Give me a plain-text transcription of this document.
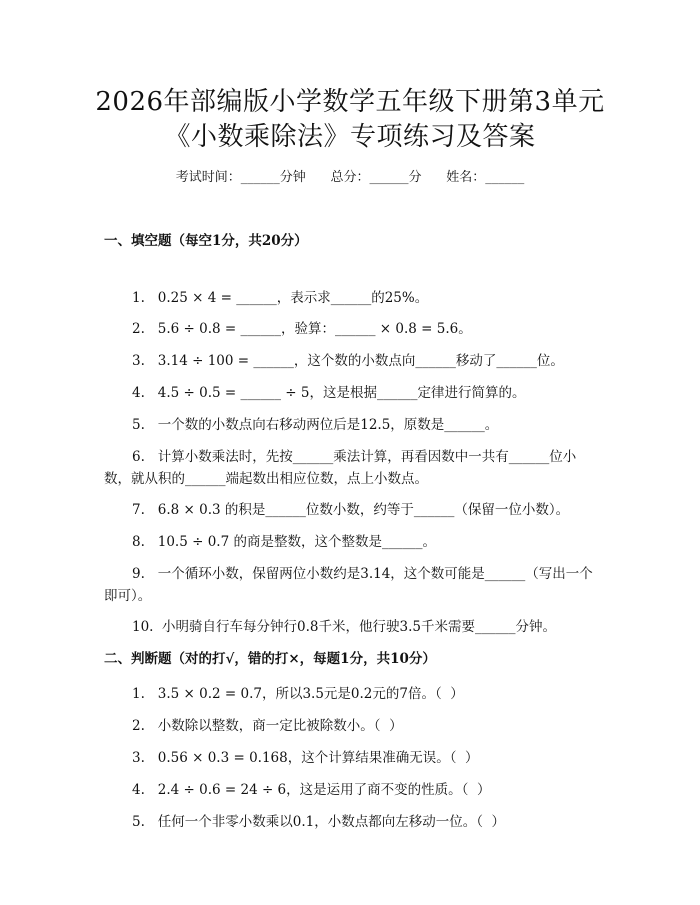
2026年部编版小学数学五年级下册第3单元
《小数乘除法》专项练习及答案
考试时间：______分钟      总分：______分      姓名：______
一、填空题（每空1分，共20分）
1.   0.25 × 4 = ______，表示求______的25%。
2.   5.6 ÷ 0.8 = ______，验算：______ × 0.8 = 5.6。
3.   3.14 ÷ 100 = ______，这个数的小数点向______移动了______位。
4.   4.5 ÷ 0.5 = ______ ÷ 5，这是根据______定律进行简算的。
5.   一个数的小数点向右移动两位后是12.5，原数是______。
6.   计算小数乘法时，先按______乘法计算，再看因数中一共有______位小数，就从积的______端起数出相应位数，点上小数点。
7.   6.8 × 0.3 的积是______位数小数，约等于______（保留一位小数）。
8.   10.5 ÷ 0.7 的商是整数，这个整数是______。
9.   一个循环小数，保留两位小数约是3.14，这个数可能是______（写出一个即可）。
10.  小明骑自行车每分钟行0.8千米，他行驶3.5千米需要______分钟。
二、判断题（对的打√，错的打×，每题1分，共10分）
1.   3.5 × 0.2 = 0.7，所以3.5元是0.2元的7倍。（  ）
2.   小数除以整数，商一定比被除数小。（  ）
3.   0.56 × 0.3 = 0.168，这个计算结果准确无误。（  ）
4.   2.4 ÷ 0.6 = 24 ÷ 6，这是运用了商不变的性质。（  ）
5.   任何一个非零小数乘以0.1，小数点都向左移动一位。（  ）
